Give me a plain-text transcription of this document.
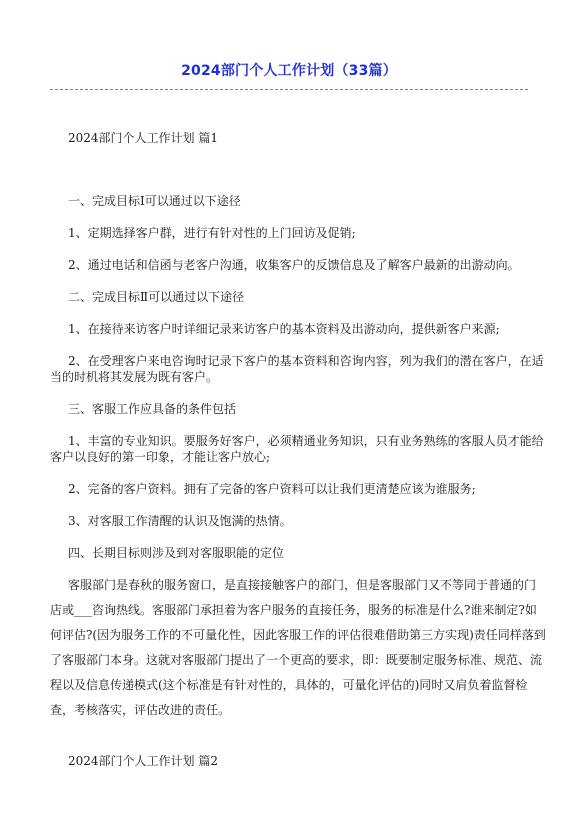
2024部门个人工作计划（33篇）
2024部门个人工作计划 篇1

一、完成目标Ⅰ可以通过以下途径

1、定期选择客户群，进行有针对性的上门回访及促销;

2、通过电话和信函与老客户沟通，收集客户的反馈信息及了解客户最新的出游动向。

二、完成目标Ⅱ可以通过以下途径

1、在接待来访客户时详细记录来访客户的基本资料及出游动向，提供新客户来源;

2、在受理客户来电咨询时记录下客户的基本资料和咨询内容，列为我们的潜在客户，在适当的时机将其发展为既有客户。

三、客服工作应具备的条件包括

1、丰富的专业知识。要服务好客户，必须精通业务知识，只有业务熟练的客服人员才能给客户以良好的第一印象，才能让客户放心;

2、完备的客户资料。拥有了完备的客户资料可以让我们更清楚应该为谁服务;

3、对客服工作清醒的认识及饱满的热情。

四、长期目标则涉及到对客服职能的定位

客服部门是春秋的服务窗口，是直接接触客户的部门，但是客服部门又不等同于普通的门店或___咨询热线。客服部门承担着为客户服务的直接任务，服务的标准是什么?谁来制定?如何评估?(因为服务工作的不可量化性，因此客服工作的评估很难借助第三方实现)责任同样落到了客服部门本身。这就对客服部门提出了一个更高的要求，即：既要制定服务标准、规范、流程以及信息传递模式(这个标准是有针对性的，具体的，可量化评估的)同时又肩负着监督检查，考核落实，评估改进的责任。

2024部门个人工作计划 篇2
